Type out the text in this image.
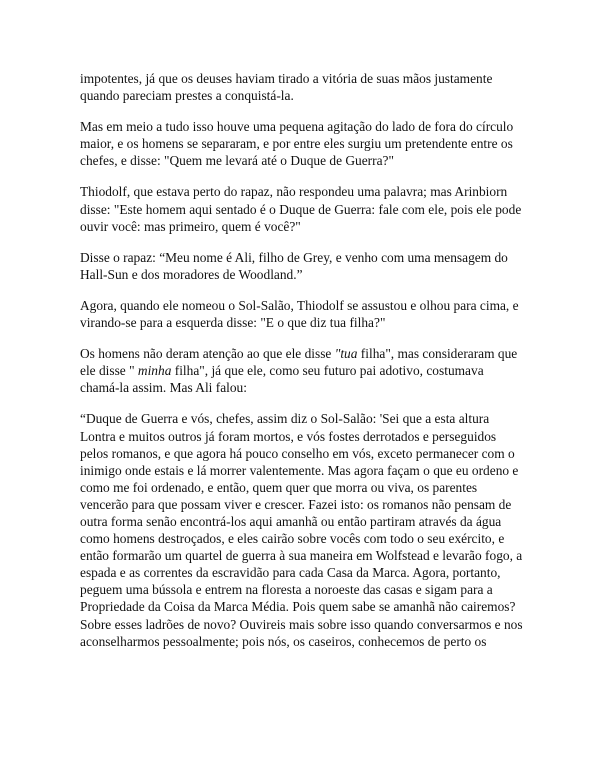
impotentes, já que os deuses haviam tirado a vitória de suas mãos justamente quando pareciam prestes a conquistá-la.

Mas em meio a tudo isso houve uma pequena agitação do lado de fora do círculo maior, e os homens se separaram, e por entre eles surgiu um pretendente entre os chefes, e disse: "Quem me levará até o Duque de Guerra?"

Thiodolf, que estava perto do rapaz, não respondeu uma palavra; mas Arinbiorn disse: "Este homem aqui sentado é o Duque de Guerra: fale com ele, pois ele pode ouvir você: mas primeiro, quem é você?"

Disse o rapaz: “Meu nome é Ali, filho de Grey, e venho com uma mensagem do Hall-Sun e dos moradores de Woodland.”

Agora, quando ele nomeou o Sol-Salão, Thiodolf se assustou e olhou para cima, e virando-se para a esquerda disse: "E o que diz tua filha?"

Os homens não deram atenção ao que ele disse "tua filha", mas consideraram que ele disse " minha filha", já que ele, como seu futuro pai adotivo, costumava chamá-la assim. Mas Ali falou:

“Duque de Guerra e vós, chefes, assim diz o Sol-Salão: 'Sei que a esta altura Lontra e muitos outros já foram mortos, e vós fostes derrotados e perseguidos pelos romanos, e que agora há pouco conselho em vós, exceto permanecer com o inimigo onde estais e lá morrer valentemente. Mas agora façam o que eu ordeno e como me foi ordenado, e então, quem quer que morra ou viva, os parentes vencerão para que possam viver e crescer. Fazei isto: os romanos não pensam de outra forma senão encontrá-los aqui amanhã ou então partiram através da água como homens destroçados, e eles cairão sobre vocês com todo o seu exército, e então formarão um quartel de guerra à sua maneira em Wolfstead e levarão fogo, a espada e as correntes da escravidão para cada Casa da Marca. Agora, portanto, peguem uma bússola e entrem na floresta a noroeste das casas e sigam para a Propriedade da Coisa da Marca Média. Pois quem sabe se amanhã não cairemos? Sobre esses ladrões de novo? Ouvireis mais sobre isso quando conversarmos e nos aconselharmos pessoalmente; pois nós, os caseiros, conhecemos de perto os
